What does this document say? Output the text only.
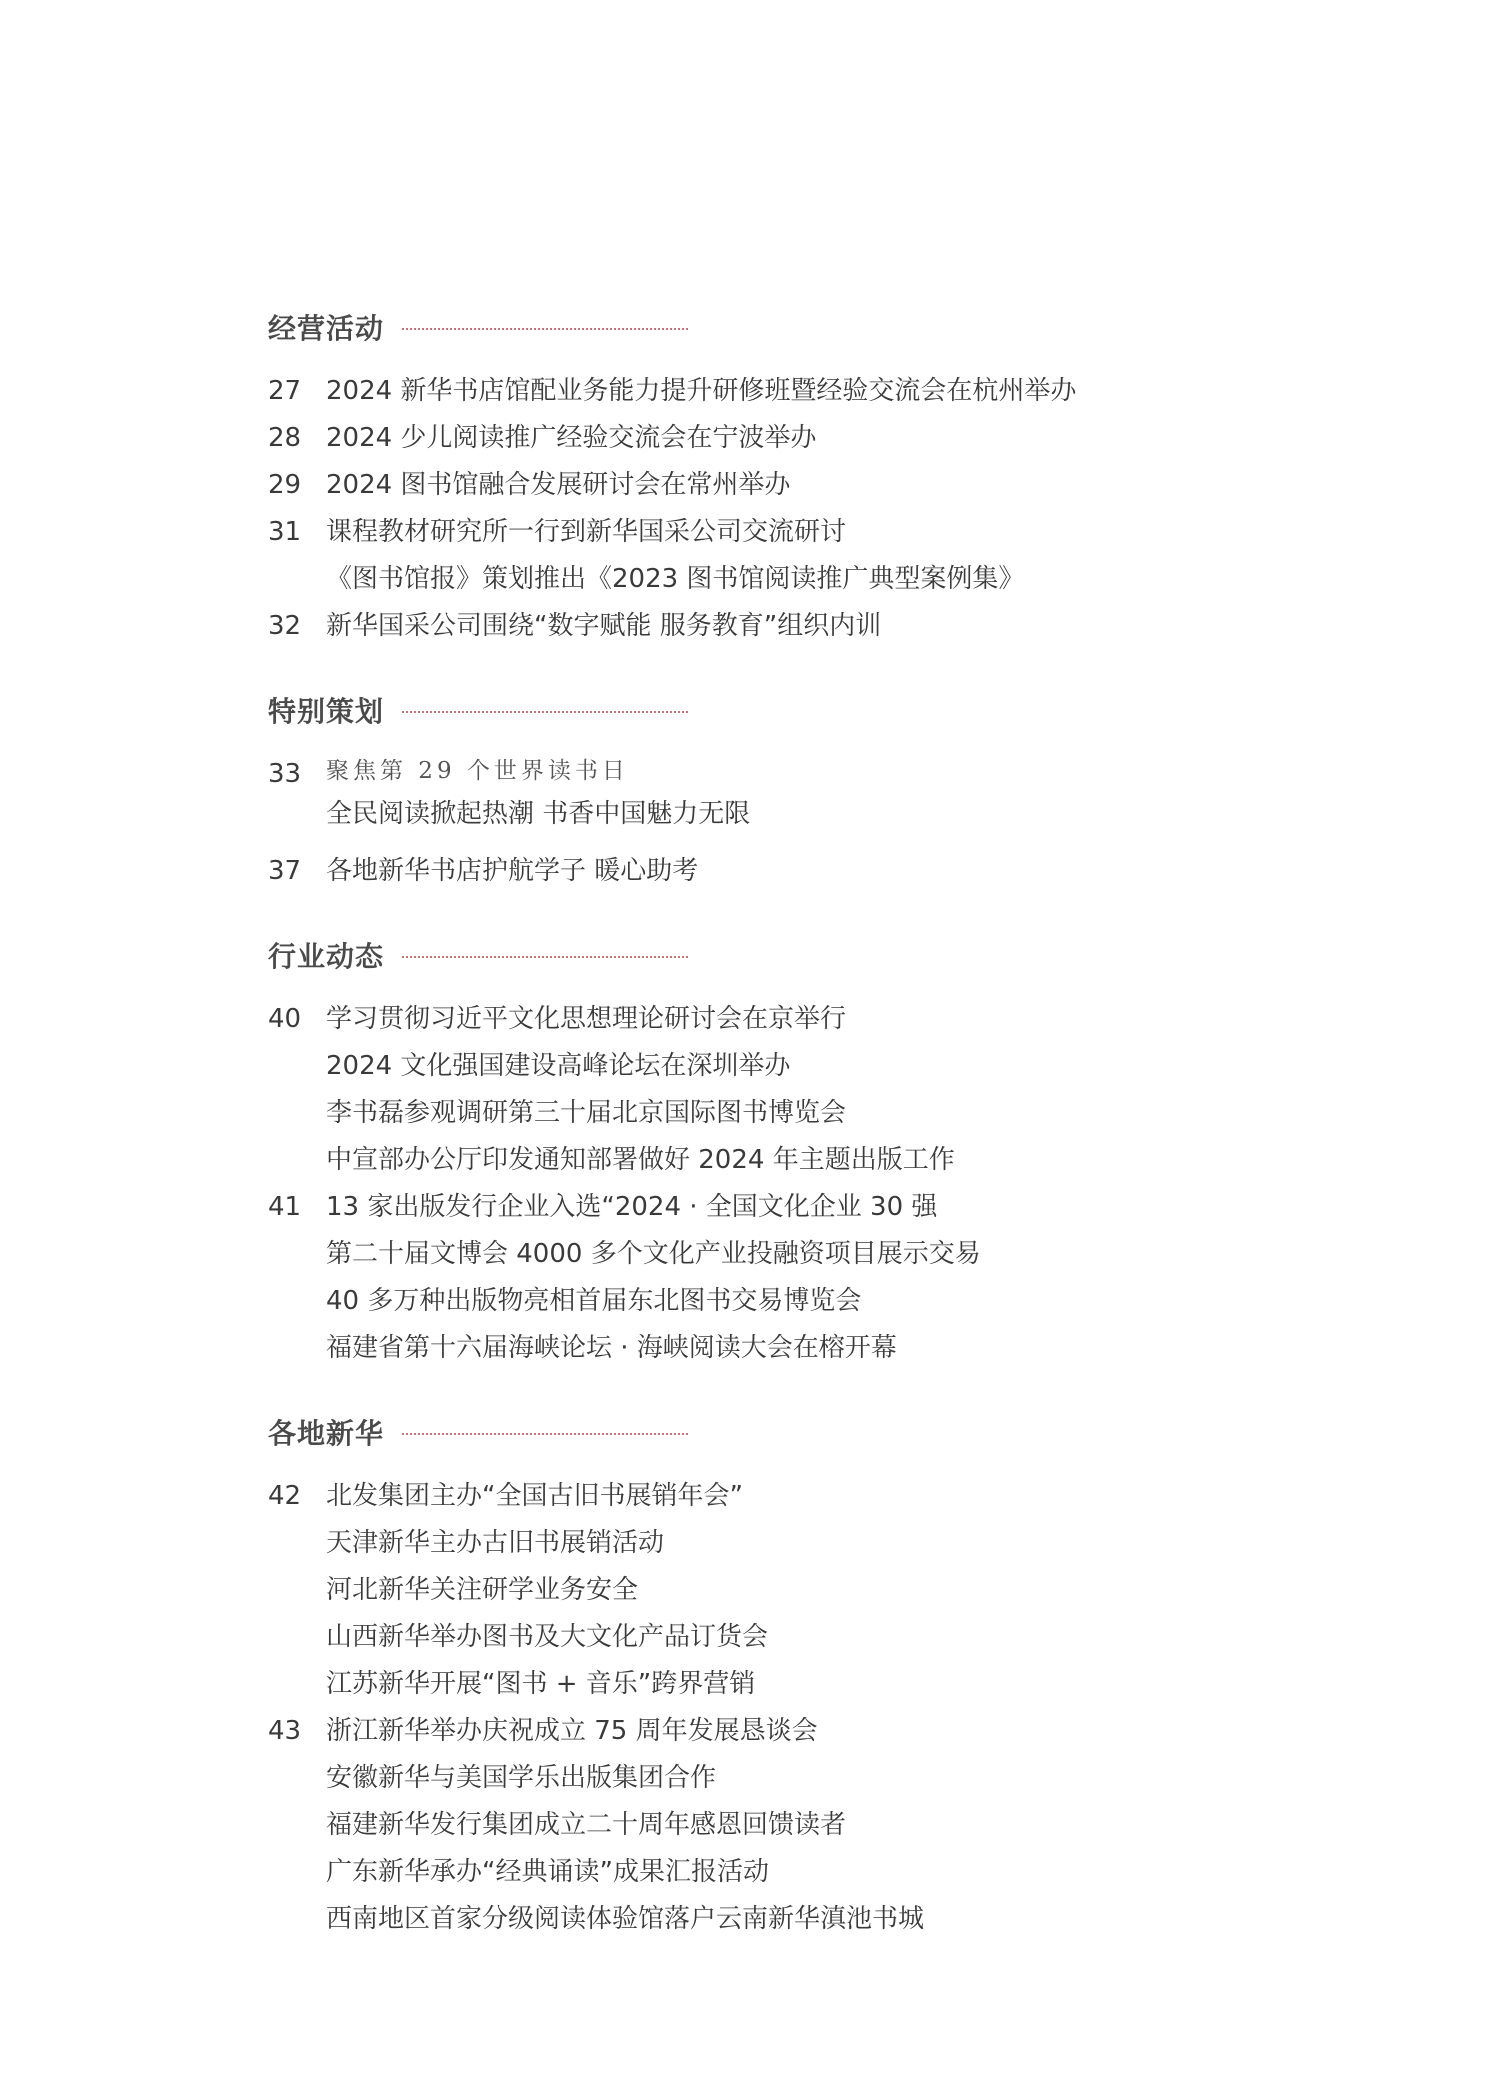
经营活动
27 2024 新华书店馆配业务能力提升研修班暨经验交流会在杭州举办
28 2024 少儿阅读推广经验交流会在宁波举办
29 2024 图书馆融合发展研讨会在常州举办
31 课程教材研究所一行到新华国采公司交流研讨
《图书馆报》策划推出《2023 图书馆阅读推广典型案例集》
32 新华国采公司围绕“数字赋能 服务教育”组织内训
特别策划
33	聚焦第 29 个世界读书日
全民阅读掀起热潮 书香中国魅力无限
37 各地新华书店护航学子 暖心助考
行业动态
40 学习贯彻习近平文化思想理论研讨会在京举行
2024 文化强国建设高峰论坛在深圳举办
李书磊参观调研第三十届北京国际图书博览会
中宣部办公厅印发通知部署做好 2024 年主题出版工作
41 13 家出版发行企业入选“2024 · 全国文化企业 30 强
第二十届文博会 4000 多个文化产业投融资项目展示交易
40 多万种出版物亮相首届东北图书交易博览会
福建省第十六届海峡论坛 · 海峡阅读大会在榕开幕
各地新华
42 北发集团主办“全国古旧书展销年会”
天津新华主办古旧书展销活动
河北新华关注研学业务安全
山西新华举办图书及大文化产品订货会
江苏新华开展“图书 + 音乐”跨界营销
43 浙江新华举办庆祝成立 75 周年发展恳谈会
安徽新华与美国学乐出版集团合作
福建新华发行集团成立二十周年感恩回馈读者
广东新华承办“经典诵读”成果汇报活动
西南地区首家分级阅读体验馆落户云南新华滇池书城
